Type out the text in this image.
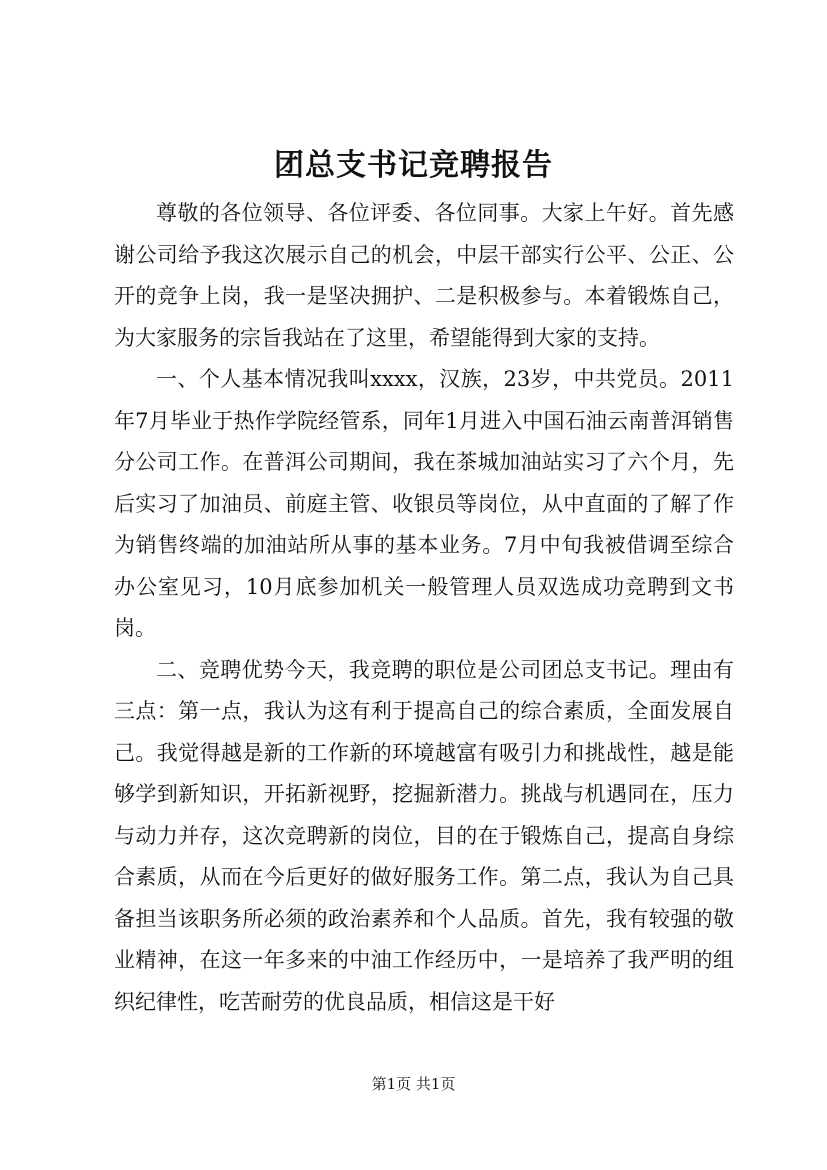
团总支书记竞聘报告

尊敬的各位领导、各位评委、各位同事。大家上午好。首先感谢公司给予我这次展示自己的机会，中层干部实行公平、公正、公开的竞争上岗，我一是坚决拥护、二是积极参与。本着锻炼自己，为大家服务的宗旨我站在了这里，希望能得到大家的支持。

一、个人基本情况我叫xxxx，汉族，23岁，中共党员。2011年7月毕业于热作学院经管系，同年1月进入中国石油云南普洱销售分公司工作。在普洱公司期间，我在茶城加油站实习了六个月，先后实习了加油员、前庭主管、收银员等岗位，从中直面的了解了作为销售终端的加油站所从事的基本业务。7月中旬我被借调至综合办公室见习，10月底参加机关一般管理人员双选成功竞聘到文书岗。

二、竞聘优势今天，我竞聘的职位是公司团总支书记。理由有三点：第一点，我认为这有利于提高自己的综合素质，全面发展自己。我觉得越是新的工作新的环境越富有吸引力和挑战性，越是能够学到新知识，开拓新视野，挖掘新潜力。挑战与机遇同在，压力与动力并存，这次竞聘新的岗位，目的在于锻炼自己，提高自身综合素质，从而在今后更好的做好服务工作。第二点，我认为自己具备担当该职务所必须的政治素养和个人品质。首先，我有较强的敬业精神，在这一年多来的中油工作经历中，一是培养了我严明的组织纪律性，吃苦耐劳的优良品质，相信这是干好

第1页 共1页
